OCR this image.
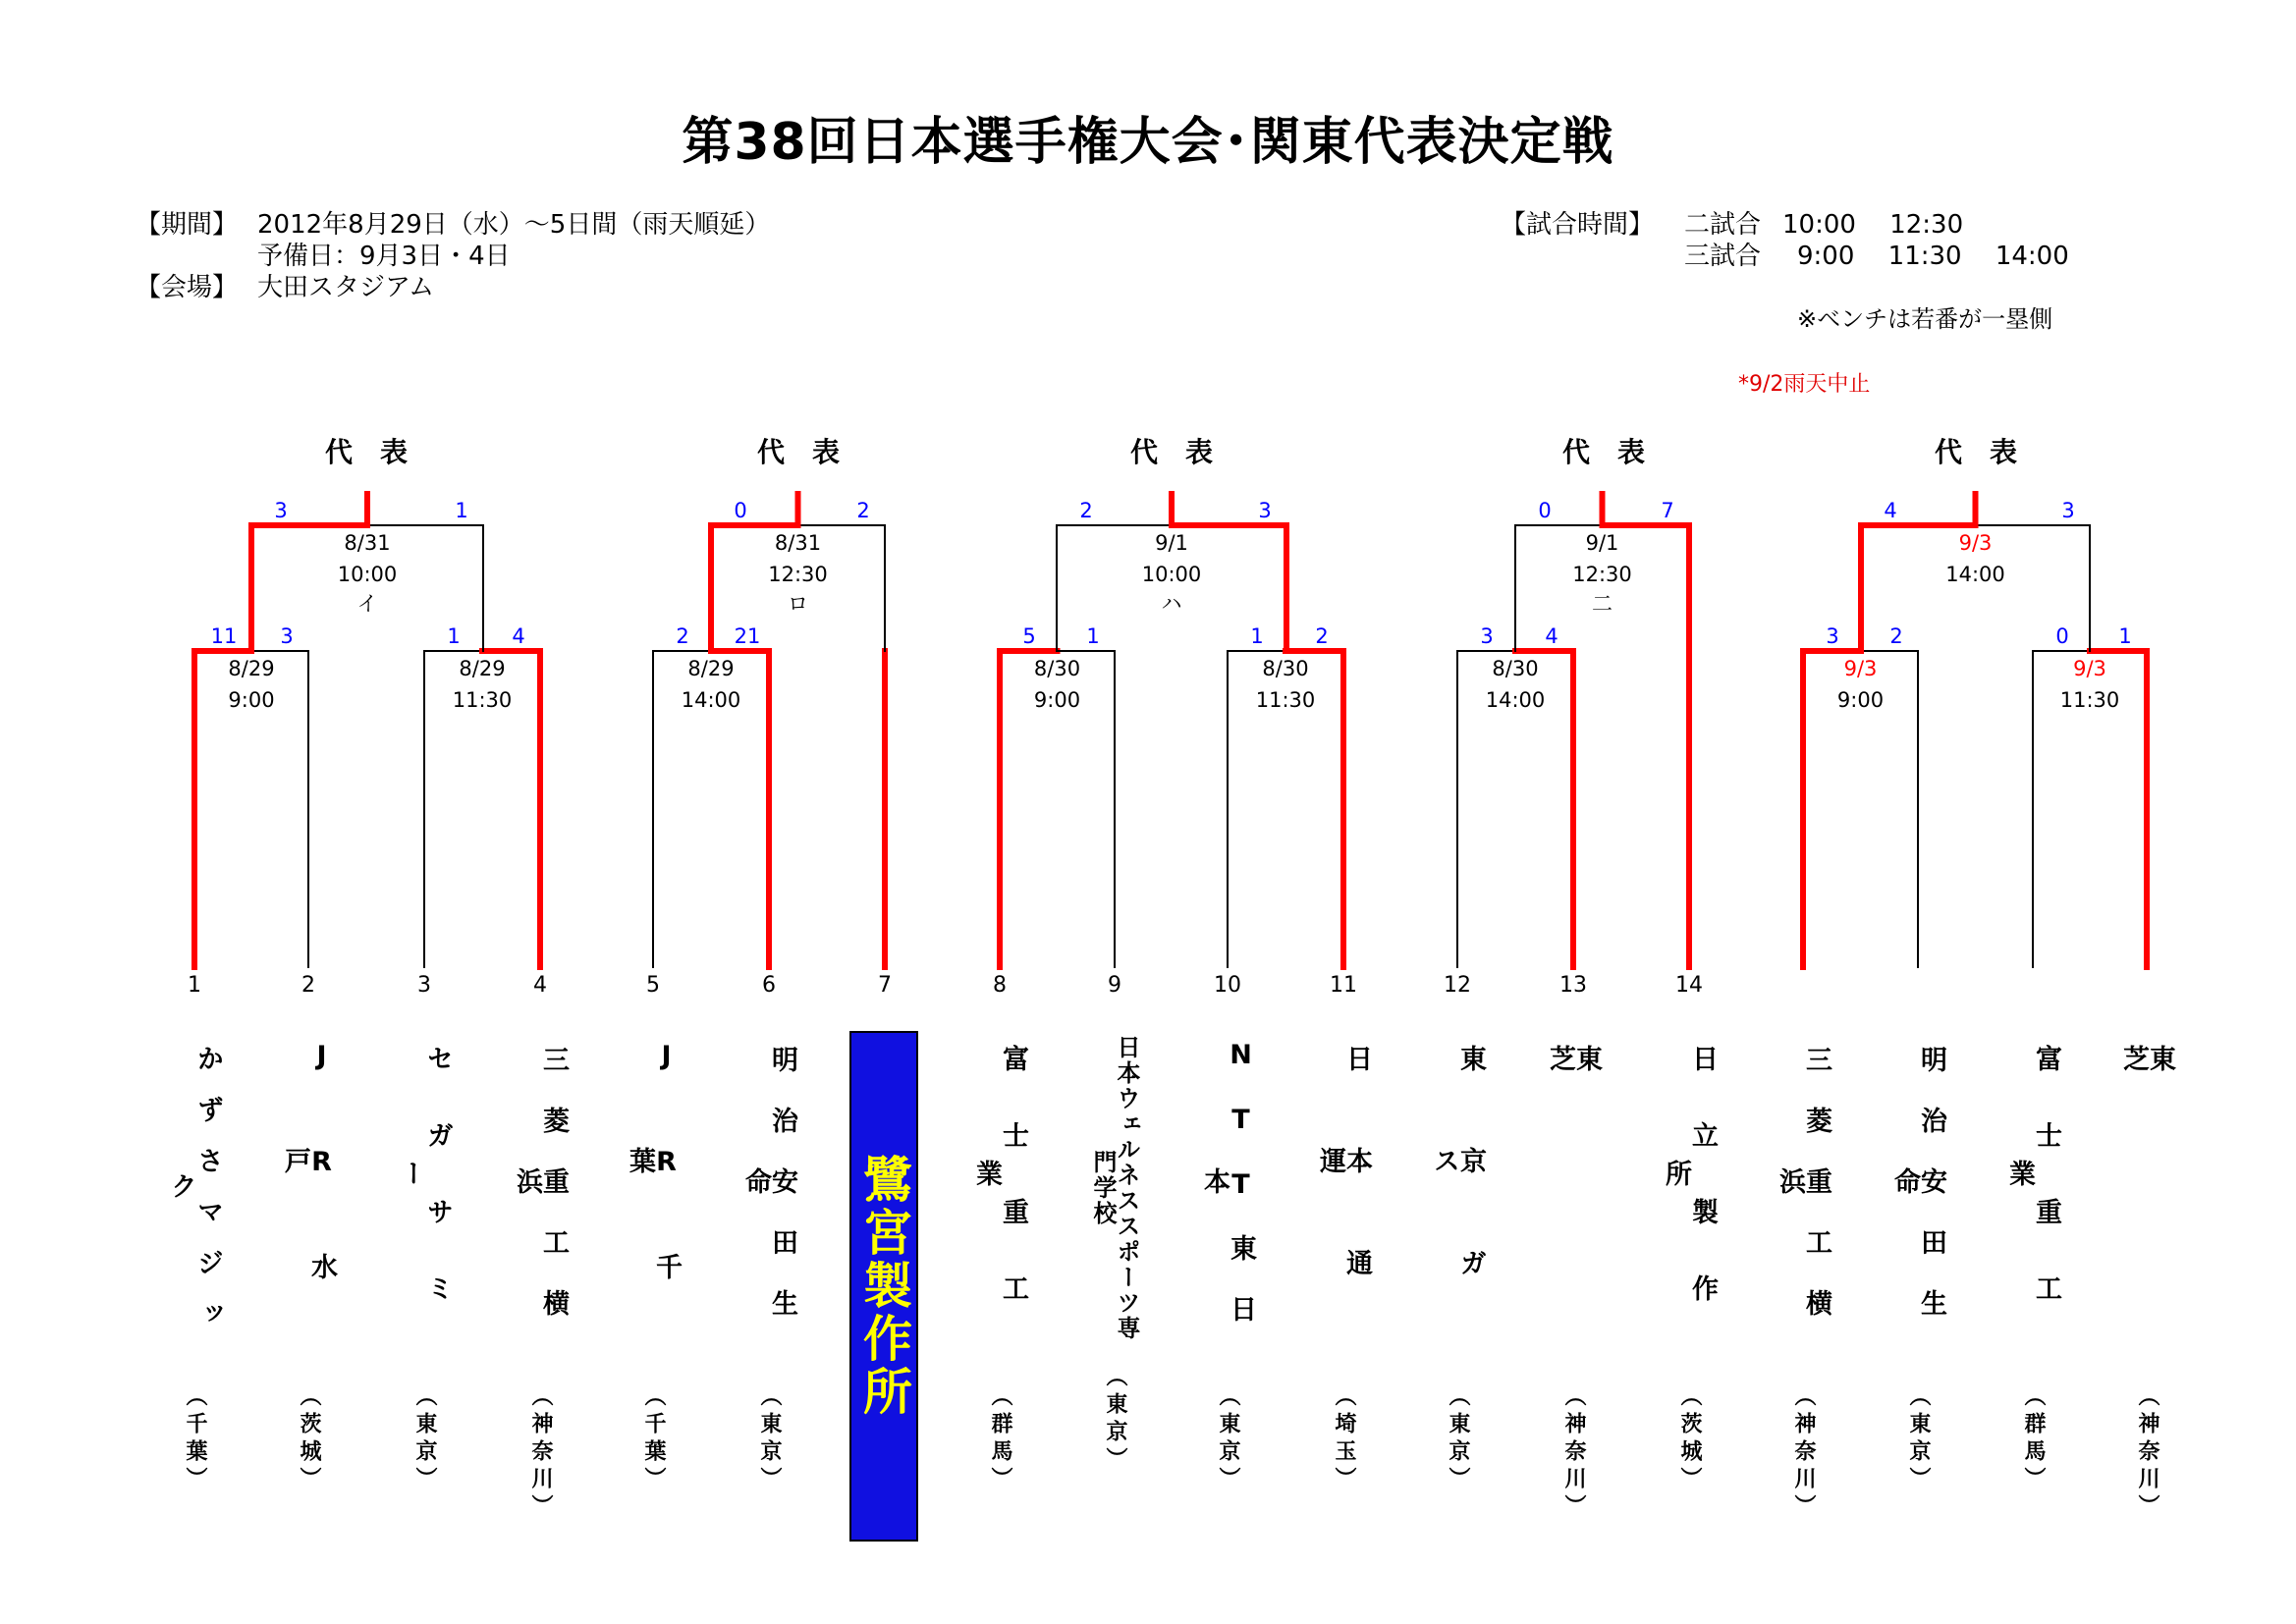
第38回日本選手権大会･関東代表決定戦
【期間】 2012年8月29日（水）～5日間（雨天順延）
予備日：9月3日・4日
【会場】 大田スタジアム
【試合時間】 二試合 10:00　 12:30
三試合 9:00　 11:30　 14:00
※ベンチは若番が一塁側
*9/2雨天中止
1	2	3	4	5	6	7	8	9	10	11	12	13	14
代　表
11 3
8/29
9:00
1	4
8/29
11:30
3	1
8/31
10:00
イ
代　表
2 21
8/29
14:00
0	2
8/31
12:30
ロ
代　表
5 1
8/30
9:00
1	2
8/30
11:30
2	3
9/1
10:00
ハ
代　表
3	4
8/30
14:00
0	7
9/1
12:30
二
代　表
3 2
9/3
9:00
0 1
9/3
11:30
4	3
9/3
14:00
かずさマジック
（千葉）
JR水戸
（茨城）
セガサミー
（東京）
三菱重工横浜
（神奈川）
JR千葉
（千葉）
明治安田生命
（東京）
富士重工業
（群馬）
日本ウェルネススポーツ専門学校
（東京）
NTT東日本
（東京）
日本通運
（埼玉）
東京ガス
（東京）
東芝
（神奈川）
日立製作所
（茨城）
三菱重工横浜
（神奈川）
明治安田生命
（東京）
富士重工業
（群馬）
東芝
（神奈川）
鷺宮製作所
